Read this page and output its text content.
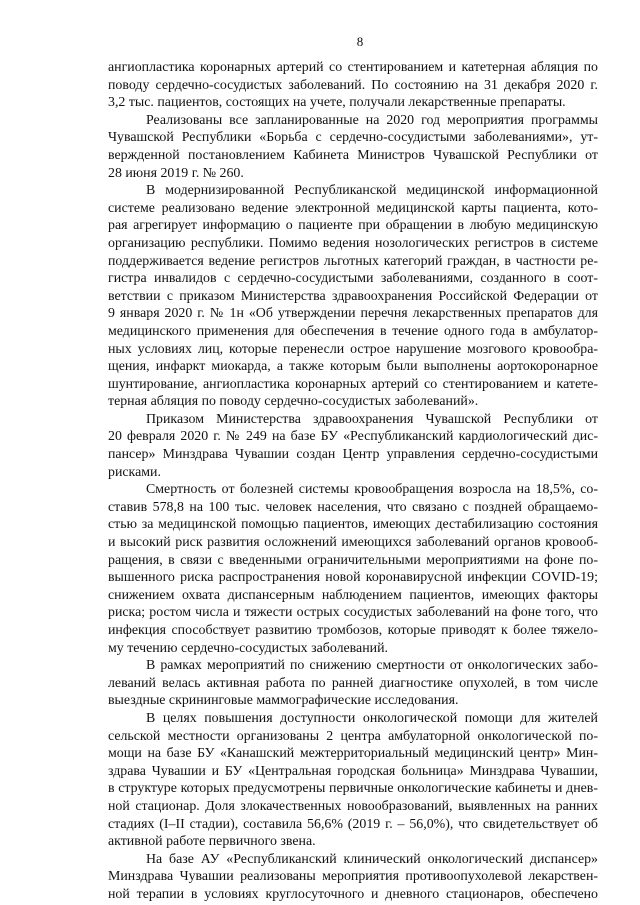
8

ангиопластика коронарных артерий со стентированием и катетерная абляция по
поводу сердечно-сосудистых заболеваний. По состоянию на 31 декабря 2020 г.
3,2 тыс. пациентов, состоящих на учете, получали лекарственные препараты.

Реализованы все запланированные на 2020 год мероприятия программы
Чувашской Республики «Борьба с сердечно-сосудистыми заболеваниями», ут-
вержденной постановлением Кабинета Министров Чувашской Республики от
28 июня 2019 г. № 260.

В модернизированной Республиканской медицинской информационной
системе реализовано ведение электронной медицинской карты пациента, кото-
рая агрегирует информацию о пациенте при обращении в любую медицинскую
организацию республики. Помимо ведения нозологических регистров в системе
поддерживается ведение регистров льготных категорий граждан, в частности ре-
гистра инвалидов с сердечно-сосудистыми заболеваниями, созданного в соот-
ветствии с приказом Министерства здравоохранения Российской Федерации от
9 января 2020 г. № 1н «Об утверждении перечня лекарственных препаратов для
медицинского применения для обеспечения в течение одного года в амбулатор-
ных условиях лиц, которые перенесли острое нарушение мозгового кровообра-
щения, инфаркт миокарда, а также которым были выполнены аортокоронарное
шунтирование, ангиопластика коронарных артерий со стентированием и катете-
терная абляция по поводу сердечно-сосудистых заболеваний».

Приказом Министерства здравоохранения Чувашской Республики от
20 февраля 2020 г. № 249 на базе БУ «Республиканский кардиологический дис-
пансер» Минздрава Чувашии создан Центр управления сердечно-сосудистыми
рисками.

Смертность от болезней системы кровообращения возросла на 18,5%, со-
ставив 578,8 на 100 тыс. человек населения, что связано с поздней обращаемо-
стью за медицинской помощью пациентов, имеющих дестабилизацию состояния
и высокий риск развития осложнений имеющихся заболеваний органов кровооб-
ращения, в связи с введенными ограничительными мероприятиями на фоне по-
вышенного риска распространения новой коронавирусной инфекции COVID-19;
снижением охвата диспансерным наблюдением пациентов, имеющих факторы
риска; ростом числа и тяжести острых сосудистых заболеваний на фоне того, что
инфекция способствует развитию тромбозов, которые приводят к более тяжело-
му течению сердечно-сосудистых заболеваний.

В рамках мероприятий по снижению смертности от онкологических забо-
леваний велась активная работа по ранней диагностике опухолей, в том числе
выездные скрининговые маммографические исследования.

В целях повышения доступности онкологической помощи для жителей
сельской местности организованы 2 центра амбулаторной онкологической по-
мощи на базе БУ «Канашский межтерриториальный медицинский центр» Мин-
здрава Чувашии и БУ «Центральная городская больница» Минздрава Чувашии,
в структуре которых предусмотрены первичные онкологические кабинеты и днев-
ной стационар. Доля злокачественных новообразований, выявленных на ранних
стадиях (I–II стадии), составила 56,6% (2019 г. – 56,0%), что свидетельствует об
активной работе первичного звена.

На базе АУ «Республиканский клинический онкологический диспансер»
Минздрава Чувашии реализованы мероприятия противоопухолевой лекарствен-
ной терапии в условиях круглосуточного и дневного стационаров, обеспечено
